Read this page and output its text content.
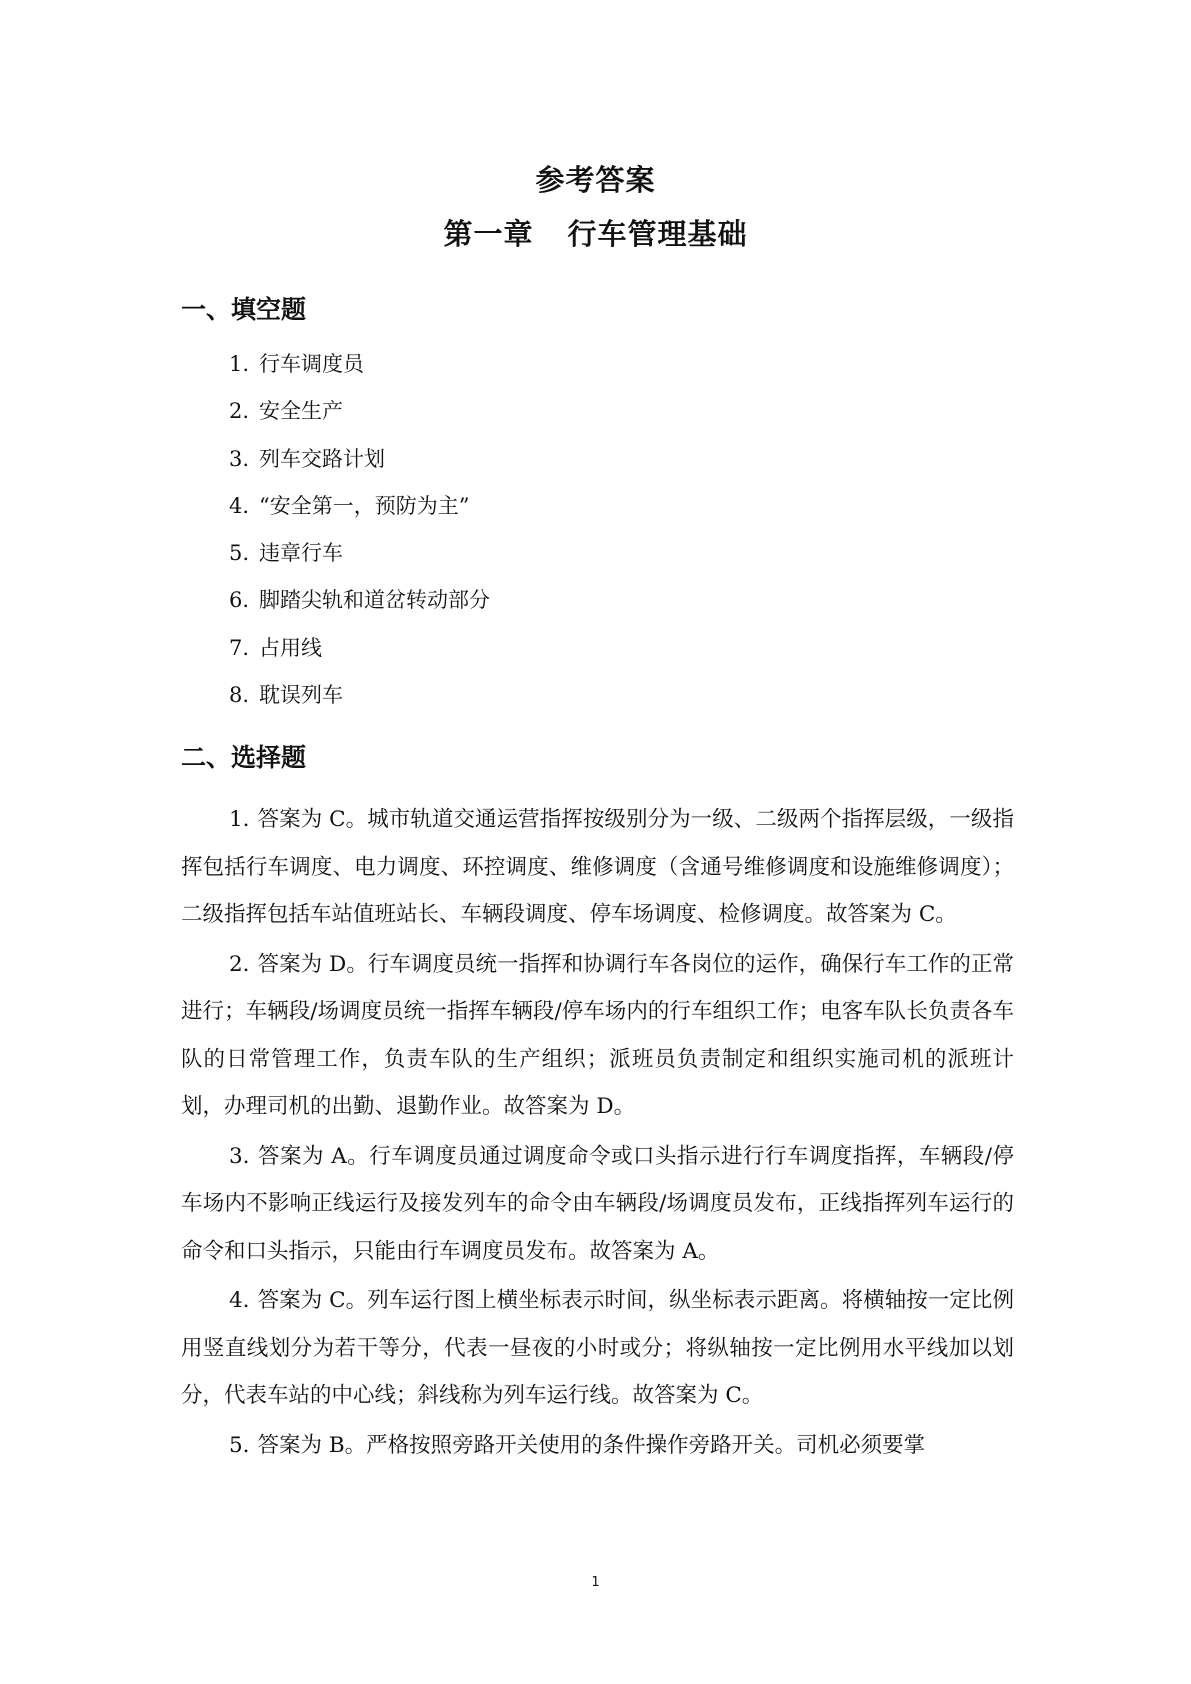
参考答案
第一章 行车管理基础
一、填空题
1. 行车调度员
2. 安全生产
3. 列车交路计划
4. “安全第一，预防为主”
5. 违章行车
6. 脚踏尖轨和道岔转动部分
7. 占用线
8. 耽误列车
二、选择题

1. 答案为 C。城市轨道交通运营指挥按级别分为一级、二级两个指挥层级，一级指挥包括行车调度、电力调度、环控调度、维修调度（含通号维修调度和设施维修调度）；二级指挥包括车站值班站长、车辆段调度、停车场调度、检修调度。故答案为 C。

2. 答案为 D。行车调度员统一指挥和协调行车各岗位的运作，确保行车工作的正常进行；车辆段/场调度员统一指挥车辆段/停车场内的行车组织工作；电客车队长负责各车队的日常管理工作，负责车队的生产组织；派班员负责制定和组织实施司机的派班计划，办理司机的出勤、退勤作业。故答案为 D。

3. 答案为 A。行车调度员通过调度命令或口头指示进行行车调度指挥，车辆段/停车场内不影响正线运行及接发列车的命令由车辆段/场调度员发布，正线指挥列车运行的命令和口头指示，只能由行车调度员发布。故答案为 A。

4. 答案为 C。列车运行图上横坐标表示时间，纵坐标表示距离。将横轴按一定比例用竖直线划分为若干等分，代表一昼夜的小时或分；将纵轴按一定比例用水平线加以划分，代表车站的中心线；斜线称为列车运行线。故答案为 C。

5. 答案为 B。严格按照旁路开关使用的条件操作旁路开关。司机必须要掌

1
